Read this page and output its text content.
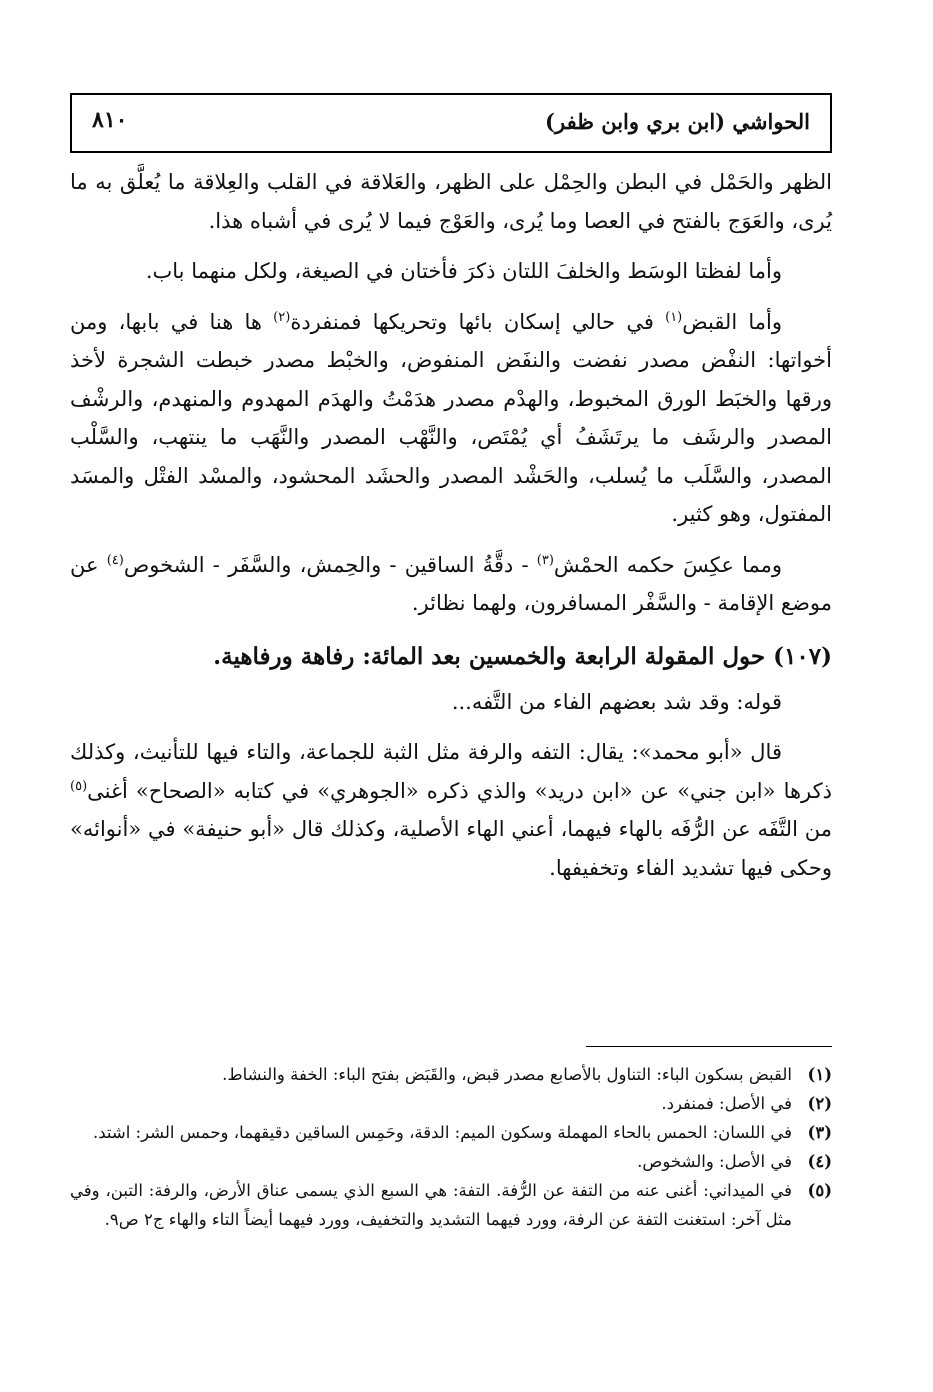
الحواشي (ابن بري وابن ظفر)
٨١٠

الظهر والحَمْل في البطن والحِمْل على الظهر، والعَلاقة في القلب والعِلاقة ما يُعلَّق به ما يُرى، والعَوَج بالفتح في العصا وما يُرى، والعَوْج فيما لا يُرى في أشباه هذا.

وأما لفظتا الوسَط والخلفَ اللتان ذكرَ فأختان في الصيغة، ولكل منهما باب.

وأما القبض$^{(١)}$ في حالي إسكان بائها وتحريكها فمنفردة$^{(٢)}$ ها هنا في بابها، ومن أخواتها: النفْض مصدر نفضت والنفَض المنفوض، والخبْط مصدر خبطت الشجرة لأخذ ورقها والخبَط الورق المخبوط، والهدْم مصدر هدَمْتُ والهدَم المهدوم والمنهدم، والرشْف المصدر والرشَف ما يرتَشَفُ أي يُمْتَص، والنَّهْب المصدر والنَّهَب ما ينتهب، والسَّلْب المصدر، والسَّلَب ما يُسلب، والحَشْد المصدر والحشَد المحشود، والمسْد الفتْل والمسَد المفتول، وهو كثير.

ومما عكِسَ حكمه الحمْش$^{(٣)}$ - دقَّةُ الساقين - والحِمش، والسَّفَر - الشخوص$^{(٤)}$ عن موضع الإقامة - والسَّفْر المسافرون، ولهما نظائر.

(١٠٧) حول المقولة الرابعة والخمسين بعد المائة: رفاهة ورفاهية.

قوله: وقد شد بعضهم الفاء من التَّفه...

قال «أبو محمد»: يقال: التفه والرفة مثل الثبة للجماعة، والتاء فيها للتأنيث، وكذلك ذكرها «ابن جني» عن «ابن دريد» والذي ذكره «الجوهري» في كتابه «الصحاح» أغنى$^{(٥)}$ من التَّفَه عن الرُّفَه بالهاء فيهما، أعني الهاء الأصلية، وكذلك قال «أبو حنيفة» في «أنوائه» وحكى فيها تشديد الفاء وتخفيفها.

(١)
القبض بسكون الباء: التناول بالأصابع مصدر قبض، والقَبَض بفتح الباء: الخفة والنشاط.
(٢)
في الأصل: فمنفرد.
(٣)
في اللسان: الحمس بالحاء المهملة وسكون الميم: الدقة، وحَمِس الساقين دقيقهما، وحمس الشر: اشتد.
(٤)
في الأصل: والشخوص.
(٥)
في الميداني: أغنى عنه من التفة عن الرُّفة. التفة: هي السبع الذي يسمى عناق الأرض، والرفة: التبن، وفي مثل آخر: استغنت التفة عن الرفة، وورد فيهما التشديد والتخفيف، وورد فيهما أيضاً التاء والهاء ج٢ ص٩.
